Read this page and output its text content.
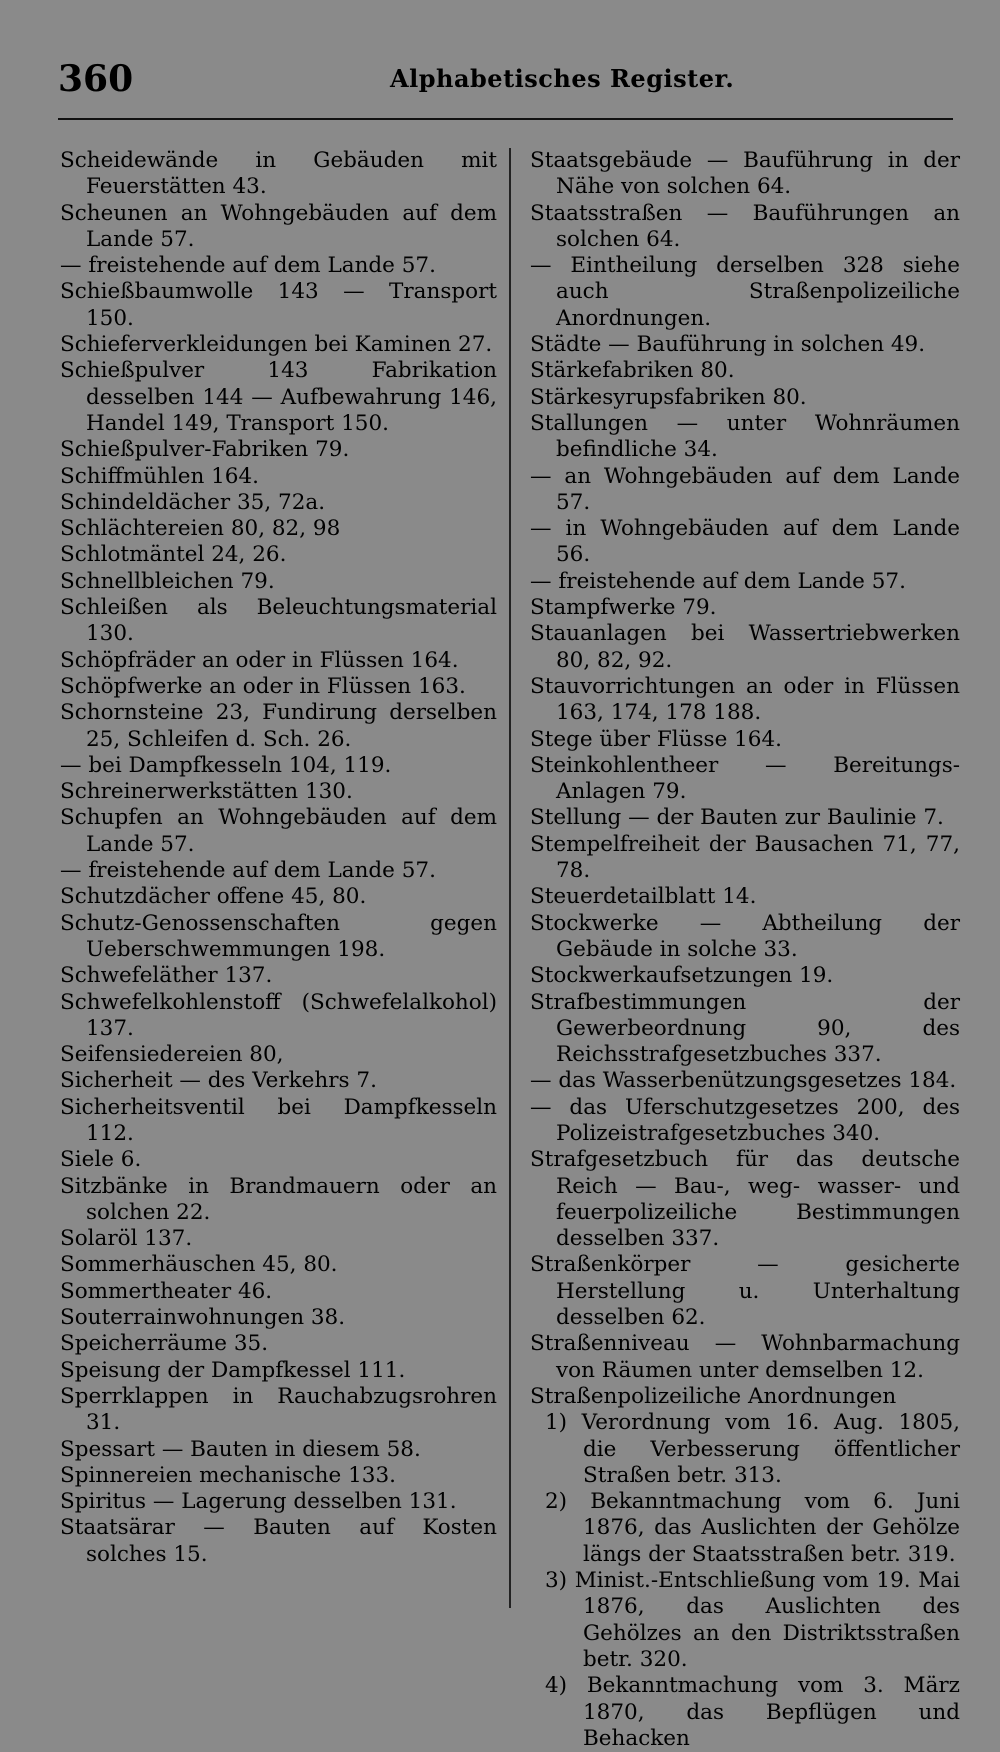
360	Alphabetisches Register.
Scheidewände in Gebäuden mit Feuerstätten 43.
Scheunen an Wohngebäuden auf dem Lande 57.
— freistehende auf dem Lande 57.
Schießbaumwolle 143 — Transport 150.
Schieferverkleidungen bei Kaminen 27.
Schießpulver 143 Fabrikation desselben 144 — Aufbewahrung 146, Handel 149, Transport 150.
Schießpulver-Fabriken 79.
Schiffmühlen 164.
Schindeldächer 35, 72a.
Schlächtereien 80, 82, 98
Schlotmäntel 24, 26.
Schnellbleichen 79.
Schleißen als Beleuchtungsmaterial 130.
Schöpfräder an oder in Flüssen 164.
Schöpfwerke an oder in Flüssen 163.
Schornsteine 23, Fundirung derselben 25, Schleifen d. Sch. 26.
— bei Dampfkesseln 104, 119.
Schreinerwerkstätten 130.
Schupfen an Wohngebäuden auf dem Lande 57.
— freistehende auf dem Lande 57.
Schutzdächer offene 45, 80.
Schutz-Genossenschaften gegen Ueberschwemmungen 198.
Schwefeläther 137.
Schwefelkohlenstoff (Schwefelalkohol) 137.
Seifensiedereien 80,
Sicherheit — des Verkehrs 7.
Sicherheitsventil bei Dampfkesseln 112.
Siele 6.
Sitzbänke in Brandmauern oder an solchen 22.
Solaröl 137.
Sommerhäuschen 45, 80.
Sommertheater 46.
Souterrainwohnungen 38.
Speicherräume 35.
Speisung der Dampfkessel 111.
Sperrklappen in Rauchabzugsrohren 31.
Spessart — Bauten in diesem 58.
Spinnereien mechanische 133.
Spiritus — Lagerung desselben 131.
Staatsärar — Bauten auf Kosten solches 15.
Staatsgebäude — Bauführung in der Nähe von solchen 64.
Staatsstraßen — Bauführungen an solchen 64.
— Eintheilung derselben 328 siehe auch Straßenpolizeiliche Anordnungen.
Städte — Bauführung in solchen 49.
Stärkefabriken 80.
Stärkesyrupsfabriken 80.
Stallungen — unter Wohnräumen befindliche 34.
— an Wohngebäuden auf dem Lande 57.
— in Wohngebäuden auf dem Lande 56.
— freistehende auf dem Lande 57.
Stampfwerke 79.
Stauanlagen bei Wassertriebwerken 80, 82, 92.
Stauvorrichtungen an oder in Flüssen 163, 174, 178 188.
Stege über Flüsse 164.
Steinkohlentheer — Bereitungs-Anlagen 79.
Stellung — der Bauten zur Baulinie 7.
Stempelfreiheit der Bausachen 71, 77, 78.
Steuerdetailblatt 14.
Stockwerke — Abtheilung der Gebäude in solche 33.
Stockwerkaufsetzungen 19.
Strafbestimmungen der Gewerbeordnung 90, des Reichsstrafgesetzbuches 337.
— das Wasserbenützungsgesetzes 184.
— das Uferschutzgesetzes 200, des Polizeistrafgesetzbuches 340.
Strafgesetzbuch für das deutsche Reich — Bau-, weg- wasser- und feuerpolizeiliche Bestimmungen desselben 337.
Straßenkörper — gesicherte Herstellung u. Unterhaltung desselben 62.
Straßenniveau — Wohnbarmachung von Räumen unter demselben 12.
Straßenpolizeiliche Anordnungen
1) Verordnung vom 16. Aug. 1805, die Verbesserung öffentlicher Straßen betr. 313.
2) Bekanntmachung vom 6. Juni 1876, das Auslichten der Gehölze längs der Staatsstraßen betr. 319.
3) Minist.-Entschließung vom 19. Mai 1876, das Auslichten des Gehölzes an den Distriktsstraßen betr. 320.
4) Bekanntmachung vom 3. März 1870, das Bepflügen und Behacken
